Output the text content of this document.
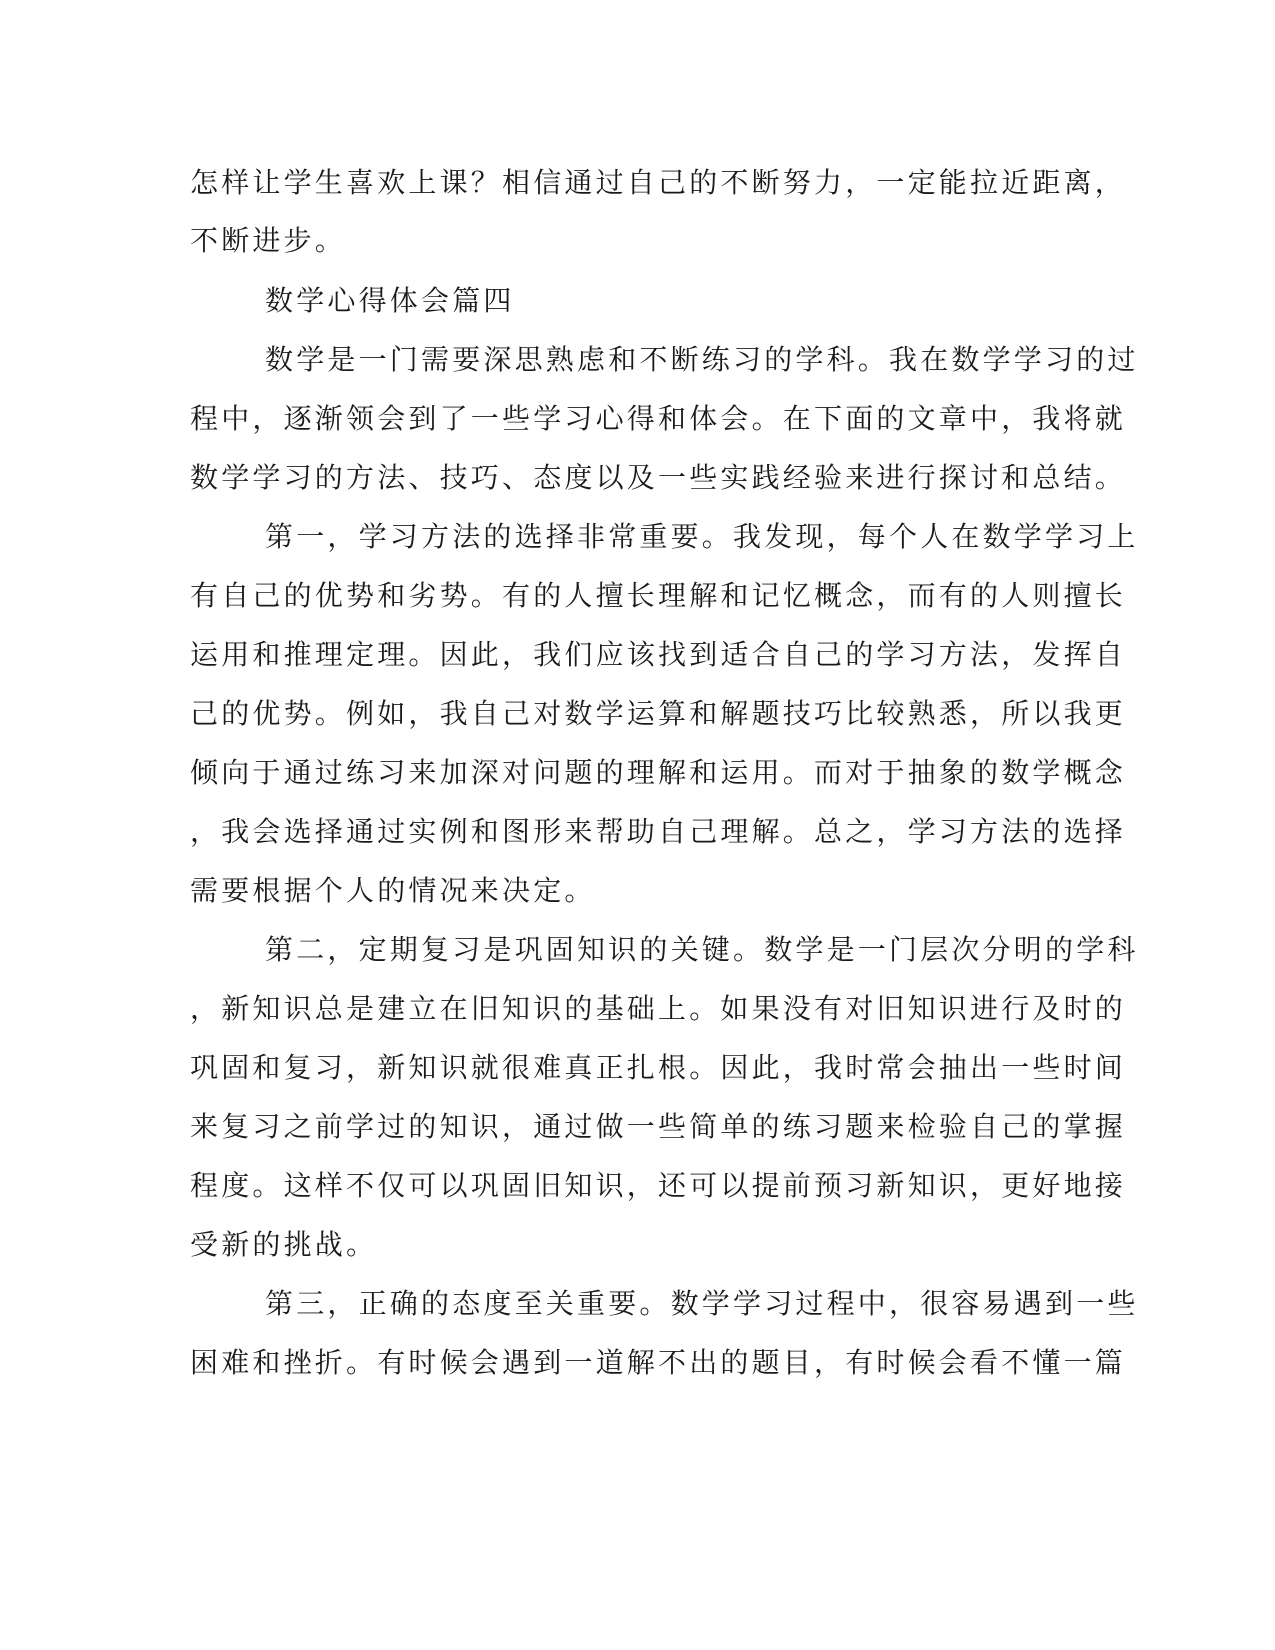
怎样让学生喜欢上课？相信通过自己的不断努力，一定能拉近距离，
不断进步。
数学心得体会篇四
数学是一门需要深思熟虑和不断练习的学科。我在数学学习的过
程中，逐渐领会到了一些学习心得和体会。在下面的文章中，我将就
数学学习的方法、技巧、态度以及一些实践经验来进行探讨和总结。
第一，学习方法的选择非常重要。我发现，每个人在数学学习上
有自己的优势和劣势。有的人擅长理解和记忆概念，而有的人则擅长
运用和推理定理。因此，我们应该找到适合自己的学习方法，发挥自
己的优势。例如，我自己对数学运算和解题技巧比较熟悉，所以我更
倾向于通过练习来加深对问题的理解和运用。而对于抽象的数学概念
，我会选择通过实例和图形来帮助自己理解。总之，学习方法的选择
需要根据个人的情况来决定。
第二，定期复习是巩固知识的关键。数学是一门层次分明的学科
，新知识总是建立在旧知识的基础上。如果没有对旧知识进行及时的
巩固和复习，新知识就很难真正扎根。因此，我时常会抽出一些时间
来复习之前学过的知识，通过做一些简单的练习题来检验自己的掌握
程度。这样不仅可以巩固旧知识，还可以提前预习新知识，更好地接
受新的挑战。
第三，正确的态度至关重要。数学学习过程中，很容易遇到一些
困难和挫折。有时候会遇到一道解不出的题目，有时候会看不懂一篇
